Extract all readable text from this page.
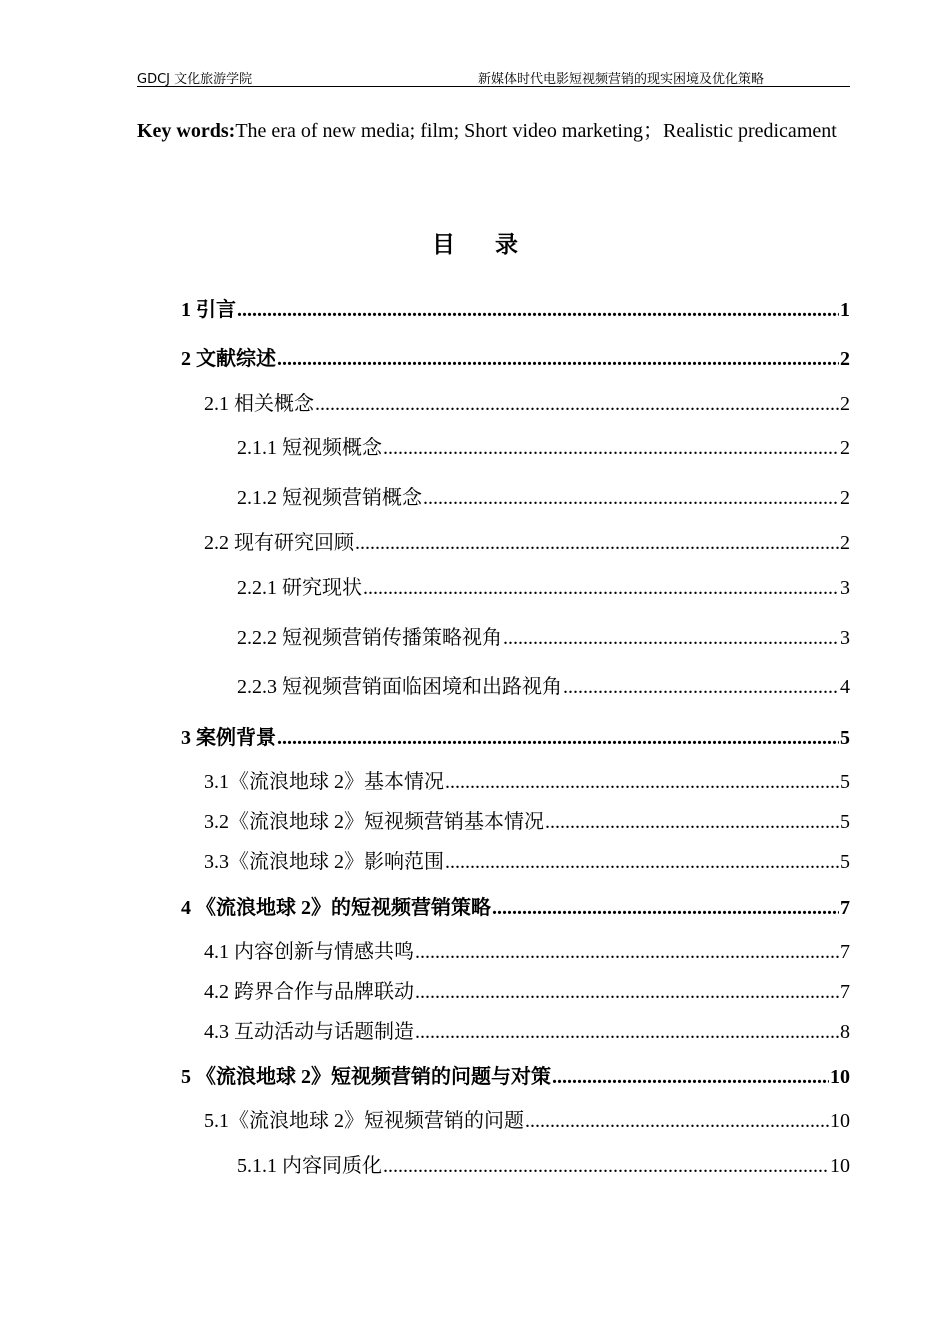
GDCJ 文化旅游学院	新媒体时代电影短视频营销的现实困境及优化策略
Key words:The era of new media; film; Short video marketing；Realistic predicament
目录
1 引言 .....	1
2 文献综述 .....	2
2.1 相关概念 .....	2
2.1.1 短视频概念 .....	2
2.1.2 短视频营销概念 .....	2
2.2 现有研究回顾 .....	2
2.2.1 研究现状 .....	3
2.2.2 短视频营销传播策略视角 .....	3
2.2.3 短视频营销面临困境和出路视角 .....	4
3 案例背景 .....	5
3.1《流浪地球 2》基本情况 .....	5
3.2《流浪地球 2》短视频营销基本情况 .....	5
3.3《流浪地球 2》影响范围 .....	5
4 《流浪地球 2》的短视频营销策略 .....	7
4.1 内容创新与情感共鸣 .....	7
4.2 跨界合作与品牌联动 .....	7
4.3 互动活动与话题制造 .....	8
5 《流浪地球 2》短视频营销的问题与对策 .....	10
5.1《流浪地球 2》短视频营销的问题 .....	10
5.1.1 内容同质化 .....	10
